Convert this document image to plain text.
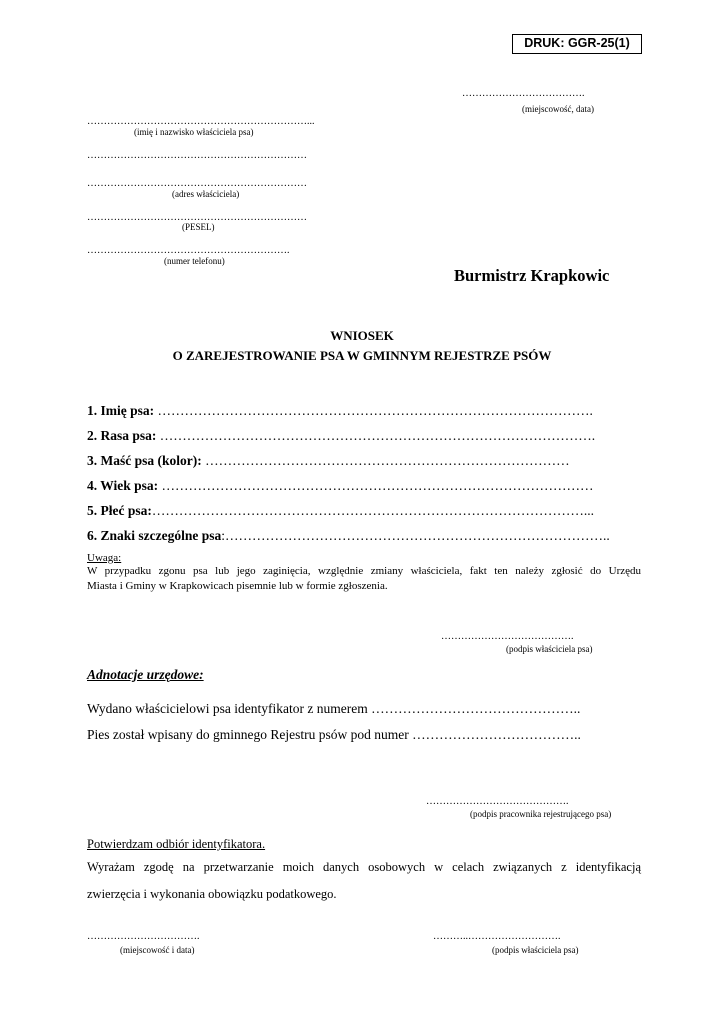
DRUK: GGR-25(1)
……………………………….
(miejscowość, data)
…………………………………………………………...
(imię i nazwisko właściciela psa)
…………………………………………………………
…………………………………………………………
(adres właściciela)
…………………………………………………………
(PESEL)
…………………………………………………….
(numer telefonu)
Burmistrz Krapkowic
WNIOSEK
O ZAREJESTROWANIE PSA W GMINNYM REJESTRZE PSÓW
1. Imię psa: …………………………………………………………………………………….
2. Rasa psa: …………………………………………………………………………………….
3. Maść psa (kolor): ………………………………………………………………………
4. Wiek psa: ……………………………………………………………………………………
5. Płeć psa:……………………………………………………………………………………...
6. Znaki szczególne psa:…………………………………………………………………………..
Uwaga:
W przypadku zgonu psa lub jego zaginięcia, względnie zmiany właściciela, fakt ten należy zgłosić do Urzędu
Miasta i Gminy w Krapkowicach pisemnie lub w formie zgłoszenia.
………………………………….
(podpis właściciela psa)
Adnotacje urzędowe:
Wydano właścicielowi psa identyfikator z numerem ………………………………………..
Pies został wpisany do gminnego Rejestru psów pod numer ………………………………..
…………………………………….
(podpis pracownika rejestrującego psa)
Potwierdzam odbiór identyfikatora.
Wyrażam zgodę na przetwarzanie moich danych osobowych w celach związanych z identyfikacją
zwierzęcia i wykonania obowiązku podatkowego.
…………………………….
(miejscowość i data)
………..……………………….
(podpis właściciela psa)
